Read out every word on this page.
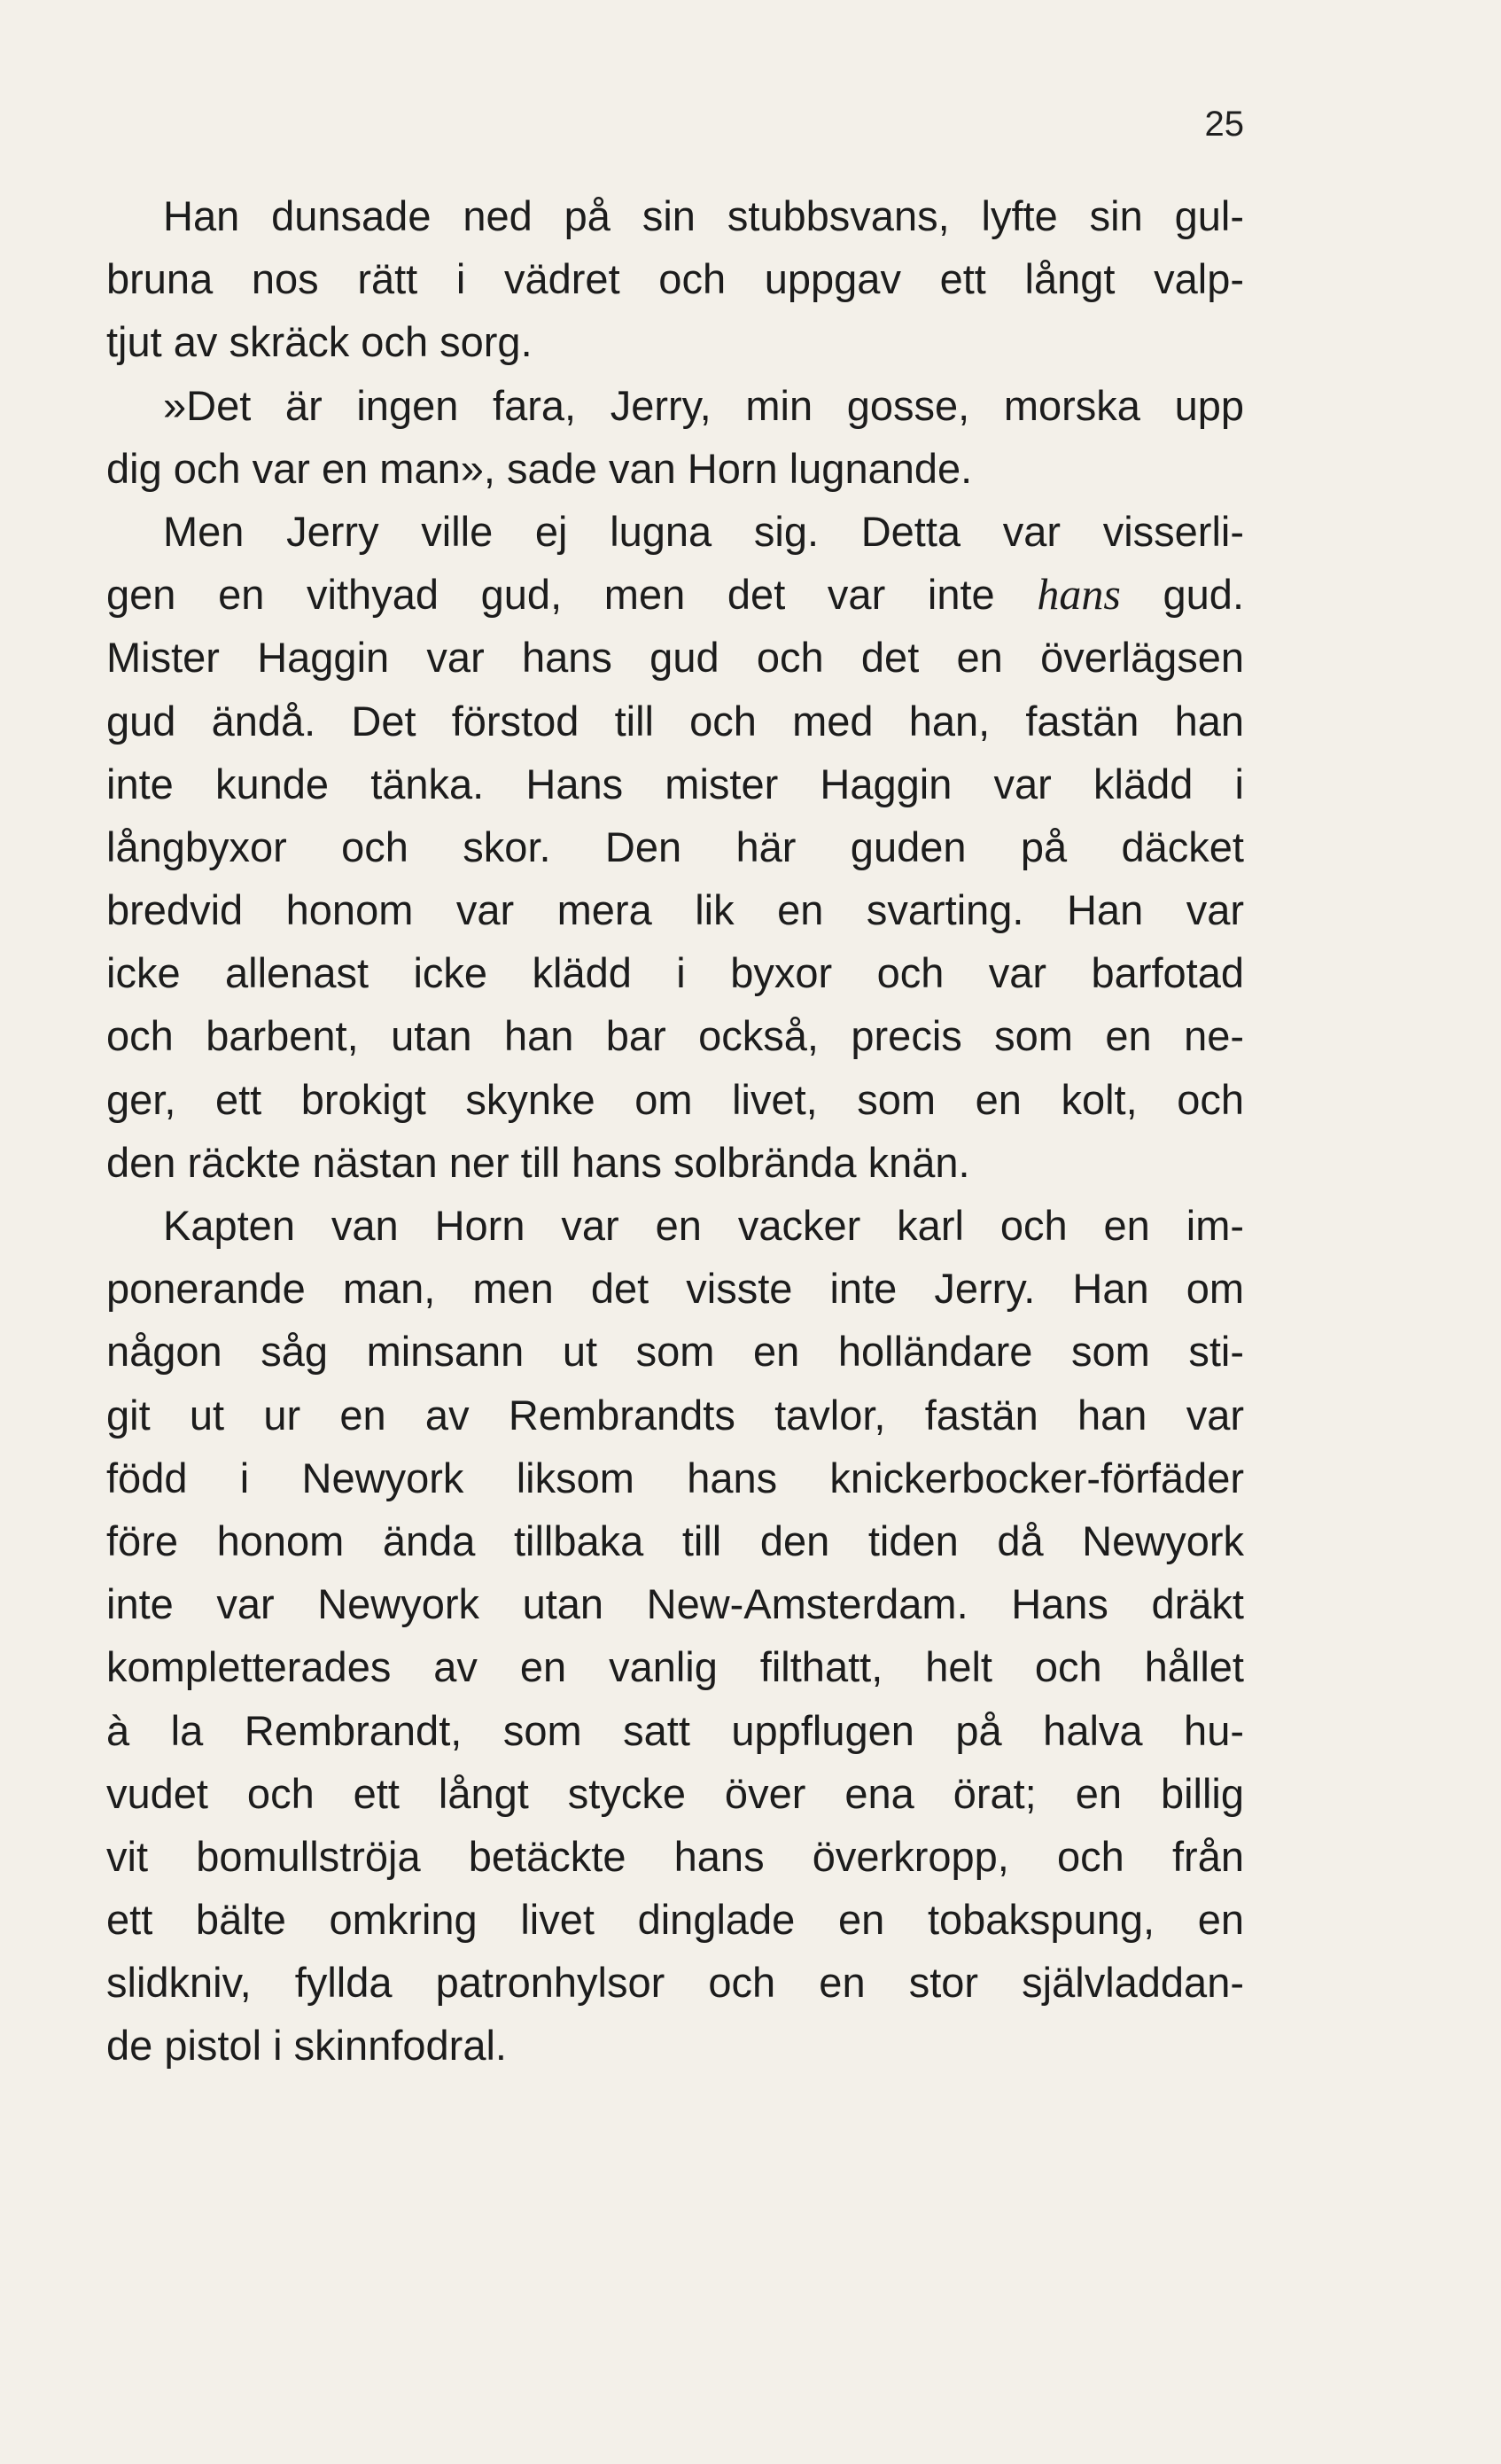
25
Han dunsade ned på sin stubbsvans, lyfte sin gul-
bruna nos rätt i vädret och uppgav ett långt valp-
tjut av skräck och sorg.
»Det är ingen fara, Jerry, min gosse, morska upp
dig och var en man», sade van Horn lugnande.
Men Jerry ville ej lugna sig. Detta var visserli-
gen en vithyad gud, men det var inte hans gud.
Mister Haggin var hans gud och det en överlägsen
gud ändå. Det förstod till och med han, fastän han
inte kunde tänka. Hans mister Haggin var klädd i
långbyxor och skor. Den här guden på däcket
bredvid honom var mera lik en svarting. Han var
icke allenast icke klädd i byxor och var barfotad
och barbent, utan han bar också, precis som en ne-
ger, ett brokigt skynke om livet, som en kolt, och
den räckte nästan ner till hans solbrända knän.
Kapten van Horn var en vacker karl och en im-
ponerande man, men det visste inte Jerry. Han om
någon såg minsann ut som en holländare som sti-
git ut ur en av Rembrandts tavlor, fastän han var
född i Newyork liksom hans knickerbocker-förfäder
före honom ända tillbaka till den tiden då Newyork
inte var Newyork utan New-Amsterdam. Hans dräkt
kompletterades av en vanlig filthatt, helt och hållet
à la Rembrandt, som satt uppflugen på halva hu-
vudet och ett långt stycke över ena örat; en billig
vit bomullströja betäckte hans överkropp, och från
ett bälte omkring livet dinglade en tobakspung, en
slidkniv, fyllda patronhylsor och en stor självladdan-
de pistol i skinnfodral.
